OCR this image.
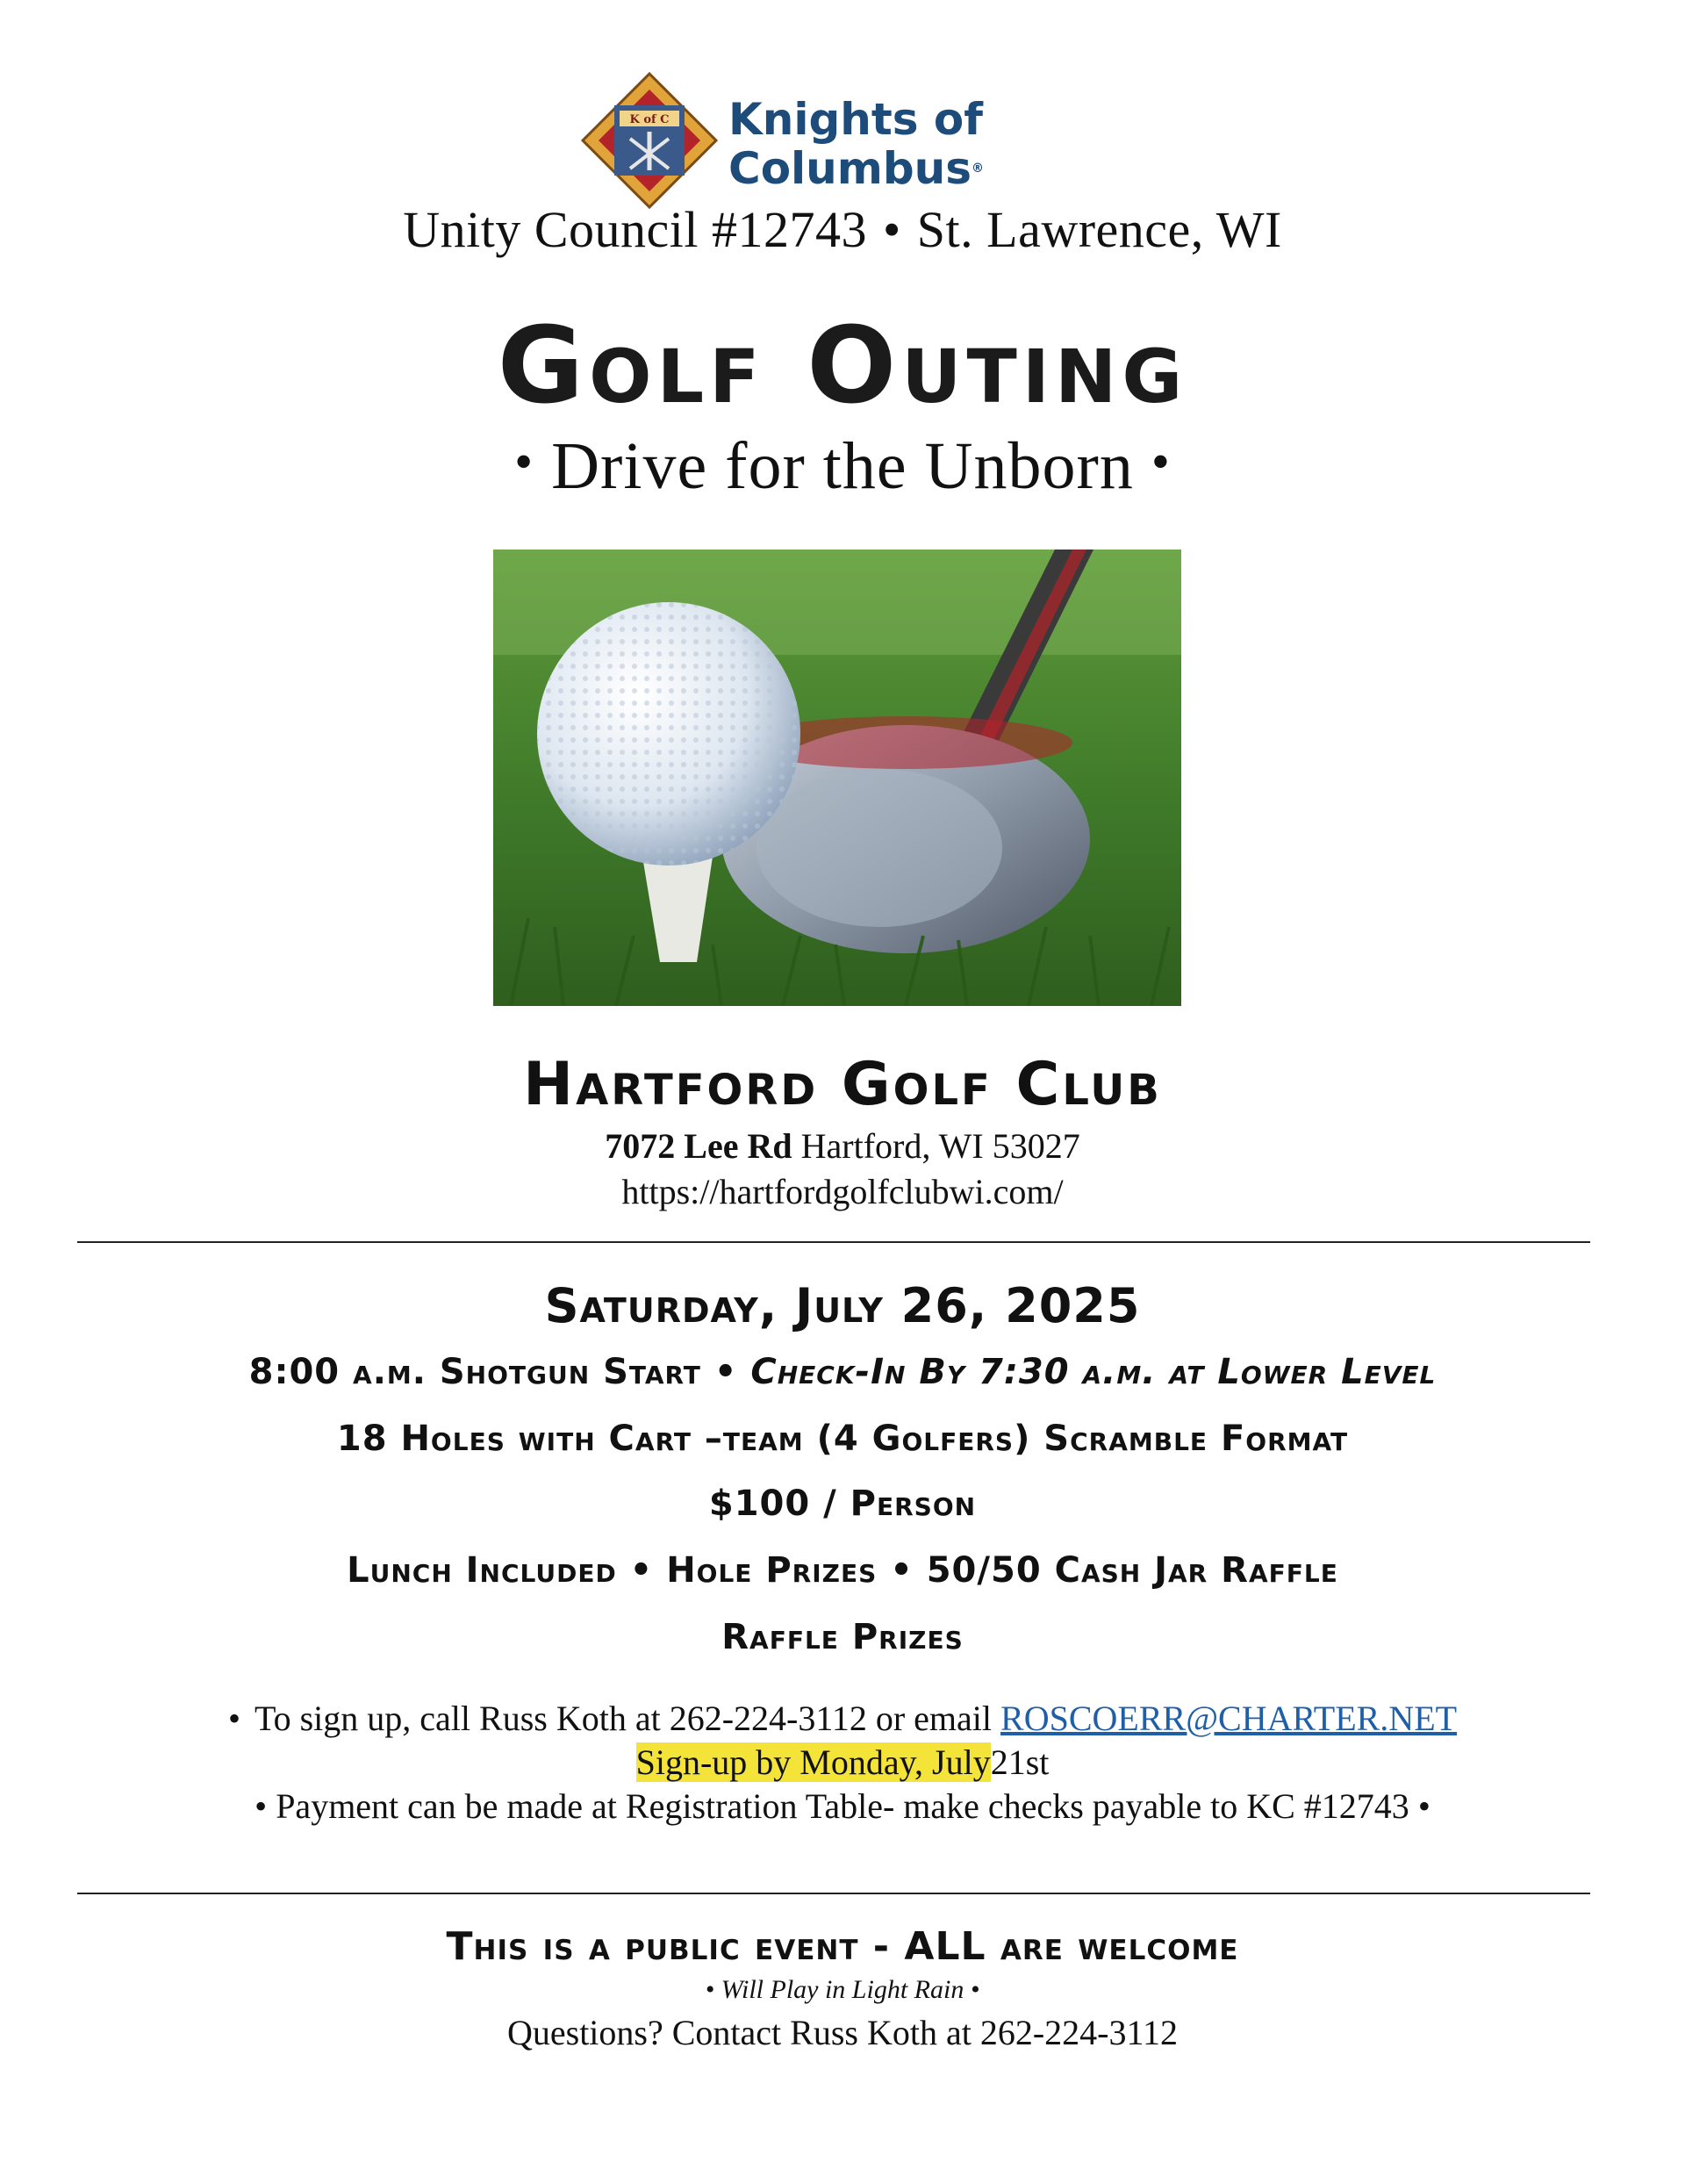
K of C Knights of
Columbus®
Unity Council #12743 • St. Lawrence, WI
Golf Outing
• Drive for the Unborn •
Hartford Golf Club
7072 Lee Rd Hartford, WI 53027
https://hartfordgolfclubwi.com/
Saturday, July 26, 2025
8:00 a.m. Shotgun Start • Check-In By 7:30 a.m. at Lower Level
18 Holes with Cart –team (4 Golfers) Scramble Format
$100 / Person
Lunch Included • Hole Prizes • 50/50 Cash Jar Raffle
Raffle Prizes
• To sign up, call Russ Koth at 262-224-3112 or email ROSCOERR@CHARTER.NET
Sign-up by Monday, July21st
• Payment can be made at Registration Table- make checks payable to KC #12743 •
This is a public event - ALL are welcome
• Will Play in Light Rain •
Questions? Contact Russ Koth at 262-224-3112
